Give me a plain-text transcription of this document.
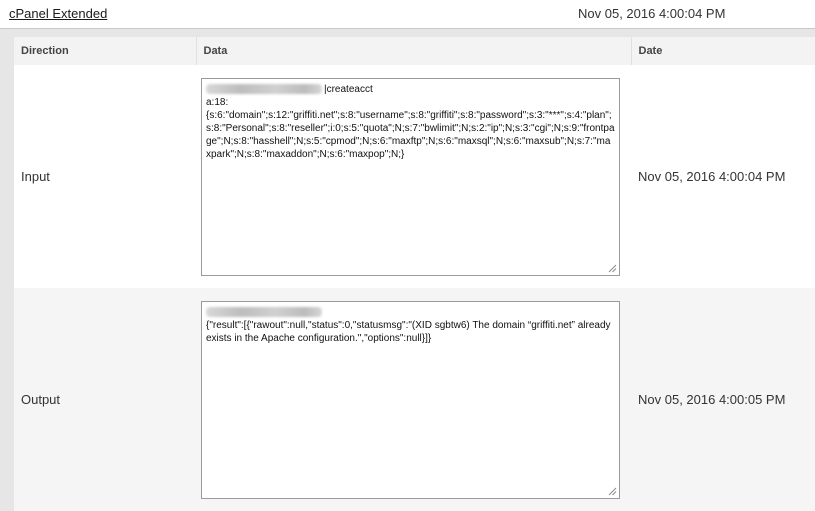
cPanel Extended	Nov 05, 2016 4:00:04 PM
Direction	Data	Date
Input	|createacct
a:18:
{s:6:"domain";s:12:"griffiti.net";s:8:"username";s:8:"griffiti";s:8:"password";s:3:"***";s:4:"plan";s:8:"Personal";s:8:"reseller";i:0;s:5:"quota";N;s:7:"bwlimit";N;s:2:"ip";N;s:3:"cgi";N;s:9:"frontpage";N;s:8:"hasshell";N;s:5:"cpmod";N;s:6:"maxftp";N;s:6:"maxsql";N;s:6:"maxsub";N;s:7:"maxpark";N;s:8:"maxaddon";N;s:6:"maxpop";N;}	Nov 05, 2016 4:00:04 PM
Output	{"result":[{"rawout":null,"status":0,"statusmsg":"(XID sgbtw6) The domain “griffiti.net” already exists in the Apache configuration.","options":null}]}	Nov 05, 2016 4:00:05 PM
